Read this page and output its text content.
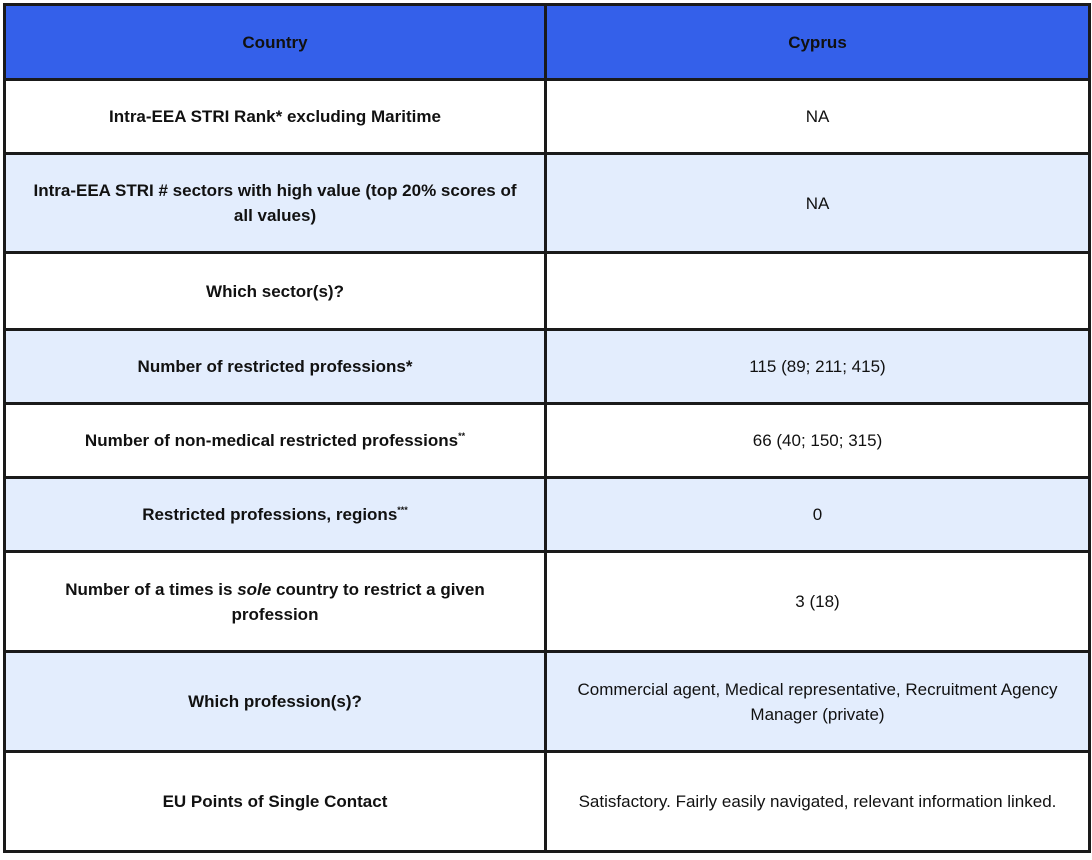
Country	Cyprus
Intra-EEA STRI Rank* excluding Maritime	NA
Intra-EEA STRI # sectors with high value (top 20% scores of all values)	NA
Which sector(s)?	
Number of restricted professions*	115 (89; 211; 415)
Number of non-medical restricted professions**	66 (40; 150; 315)
Restricted professions, regions***	0
Number of a times is sole country to restrict a given profession	3 (18)
Which profession(s)?	Commercial agent, Medical representative, Recruitment Agency Manager (private)
EU Points of Single Contact	Satisfactory. Fairly easily navigated, relevant information linked.
